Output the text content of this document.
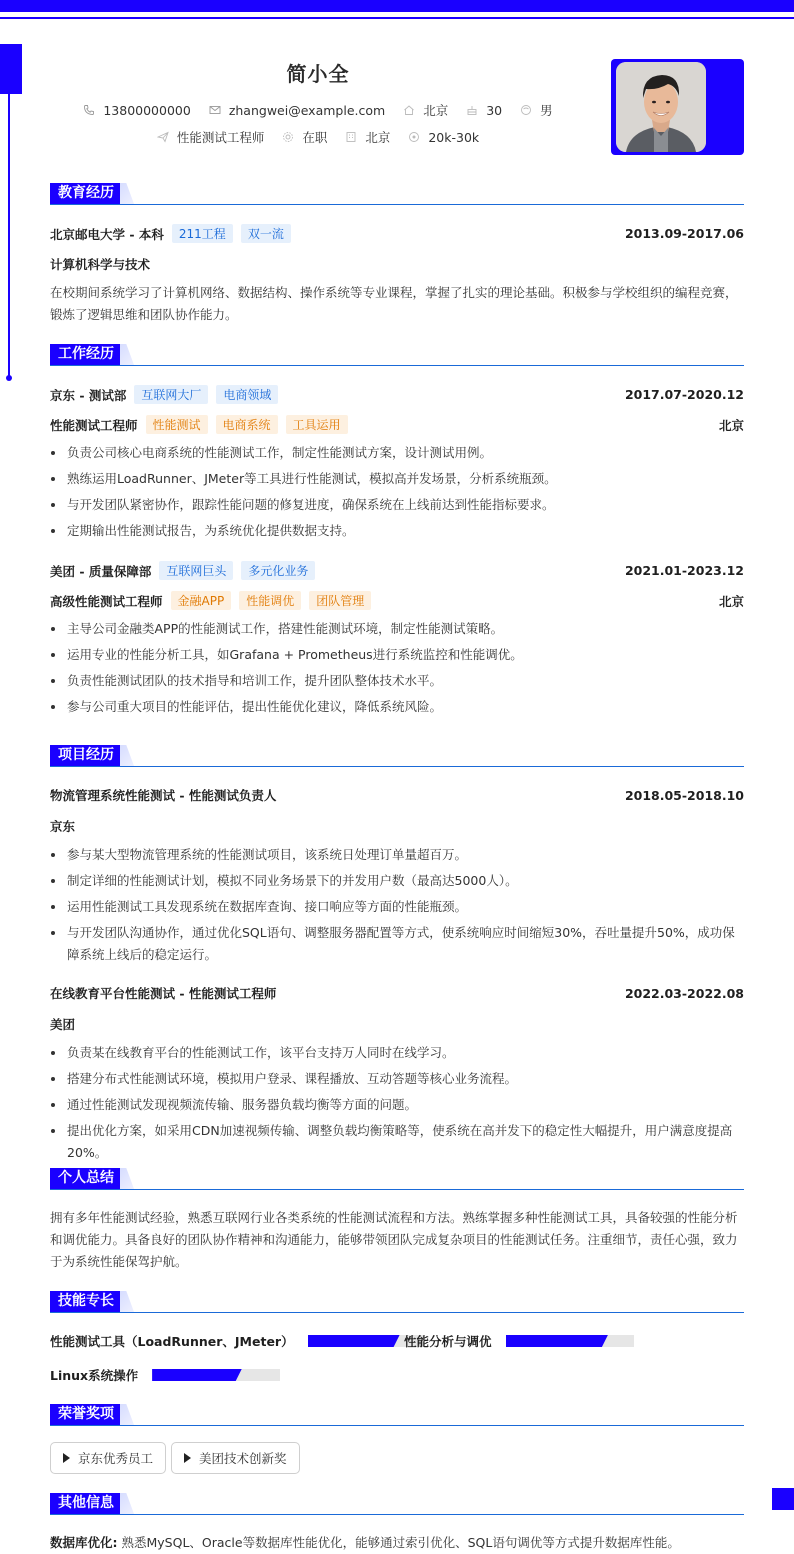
简小全
13800000000	zhangwei@example.com	北京	30	男
性能测试工程师	在职	北京	20k-30k
教育经历
北京邮电大学 - 本科	211工程	双一流	2013.09-2017.06
计算机科学与技术
在校期间系统学习了计算机网络、数据结构、操作系统等专业课程，掌握了扎实的理论基础。积极参与学校组织的编程竞赛，锻炼了逻辑思维和团队协作能力。
工作经历
京东 - 测试部	互联网大厂	电商领域	2017.07-2020.12
性能测试工程师	性能测试	电商系统	工具运用	北京
负责公司核心电商系统的性能测试工作，制定性能测试方案，设计测试用例。
熟练运用LoadRunner、JMeter等工具进行性能测试，模拟高并发场景，分析系统瓶颈。
与开发团队紧密协作，跟踪性能问题的修复进度，确保系统在上线前达到性能指标要求。
定期输出性能测试报告，为系统优化提供数据支持。
美团 - 质量保障部	互联网巨头	多元化业务	2021.01-2023.12
高级性能测试工程师	金融APP	性能调优	团队管理	北京
主导公司金融类APP的性能测试工作，搭建性能测试环境，制定性能测试策略。
运用专业的性能分析工具，如Grafana + Prometheus进行系统监控和性能调优。
负责性能测试团队的技术指导和培训工作，提升团队整体技术水平。
参与公司重大项目的性能评估，提出性能优化建议，降低系统风险。
项目经历
物流管理系统性能测试 - 性能测试负责人	2018.05-2018.10
京东
参与某大型物流管理系统的性能测试项目，该系统日处理订单量超百万。
制定详细的性能测试计划，模拟不同业务场景下的并发用户数（最高达5000人）。
运用性能测试工具发现系统在数据库查询、接口响应等方面的性能瓶颈。
与开发团队沟通协作，通过优化SQL语句、调整服务器配置等方式，使系统响应时间缩短30%，吞吐量提升50%，成功保障系统上线后的稳定运行。
在线教育平台性能测试 - 性能测试工程师	2022.03-2022.08
美团
负责某在线教育平台的性能测试工作，该平台支持万人同时在线学习。
搭建分布式性能测试环境，模拟用户登录、课程播放、互动答题等核心业务流程。
通过性能测试发现视频流传输、服务器负载均衡等方面的问题。
提出优化方案，如采用CDN加速视频传输、调整负载均衡策略等，使系统在高并发下的稳定性大幅提升，用户满意度提高20%。
个人总结
拥有多年性能测试经验，熟悉互联网行业各类系统的性能测试流程和方法。熟练掌握多种性能测试工具，具备较强的性能分析和调优能力。具备良好的团队协作精神和沟通能力，能够带领团队完成复杂项目的性能测试任务。注重细节，责任心强，致力于为系统性能保驾护航。
技能专长
性能测试工具（LoadRunner、JMeter）	性能分析与调优
Linux系统操作
荣誉奖项
京东优秀员工	美团技术创新奖
其他信息
数据库优化: 熟悉MySQL、Oracle等数据库性能优化，能够通过索引优化、SQL语句调优等方式提升数据库性能。
